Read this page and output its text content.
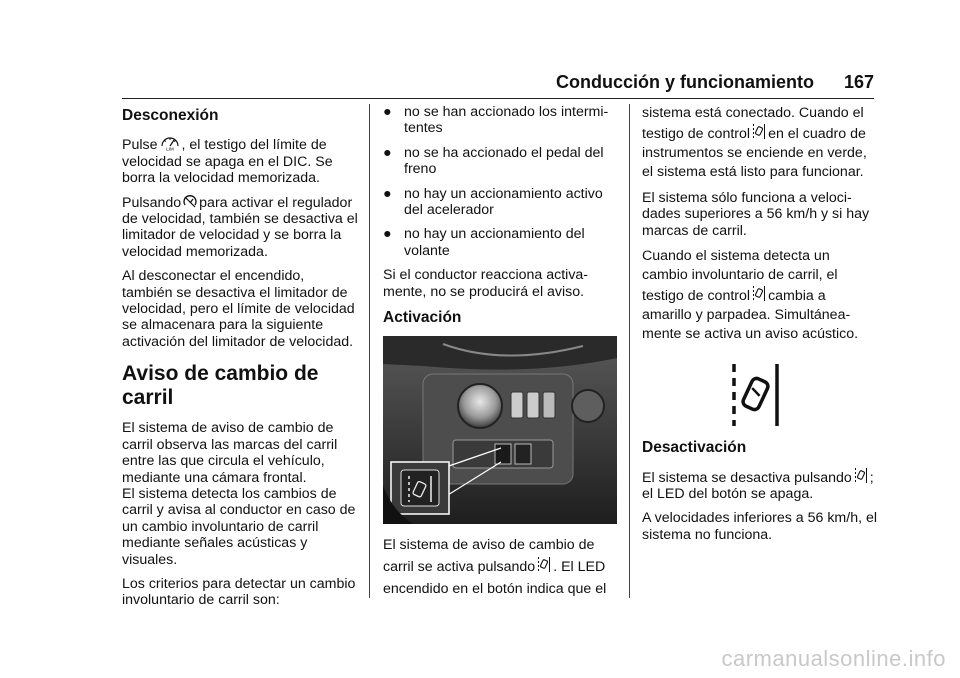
Conducción y funcionamiento 167
Desconexión

Pulse LIM , el testigo del límite de velocidad se apaga en el DIC. Se borra la velocidad memorizada.

Pulsando para activar el regulador de velocidad, también se desactiva el limitador de velocidad y se borra la velocidad memorizada.

Al desconectar el encendido, también se desactiva el limitador de velocidad, pero el límite de velocidad se almacenara para la siguiente activación del limitador de velocidad.

Aviso de cambio de carril

El sistema de aviso de cambio de carril observa las marcas del carril entre las que circula el vehículo, mediante una cámara frontal.

El sistema detecta los cambios de carril y avisa al conductor en caso de un cambio involuntario de carril mediante señales acústicas y visuales.

Los criterios para detectar un cambio involuntario de carril son:

● no se han accionado los intermi-tentes
● no se ha accionado el pedal del freno
● no hay un accionamiento activo del acelerador
● no hay un accionamiento del volante

Si el conductor reacciona activa-mente, no se producirá el aviso.

Activación

El sistema de aviso de cambio de carril se activa pulsando . El LED encendido en el botón indica que el

sistema está conectado. Cuando el testigo de control en el cuadro de instrumentos se enciende en verde, el sistema está listo para funcionar.

El sistema sólo funciona a veloci-dades superiores a 56 km/h y si hay marcas de carril.

Cuando el sistema detecta un cambio involuntario de carril, el testigo de control cambia a amarillo y parpadea. Simultánea-mente se activa un aviso acústico.

Desactivación

El sistema se desactiva pulsando ; el LED del botón se apaga.

A velocidades inferiores a 56 km/h, el sistema no funciona.

carmanualsonline.info
